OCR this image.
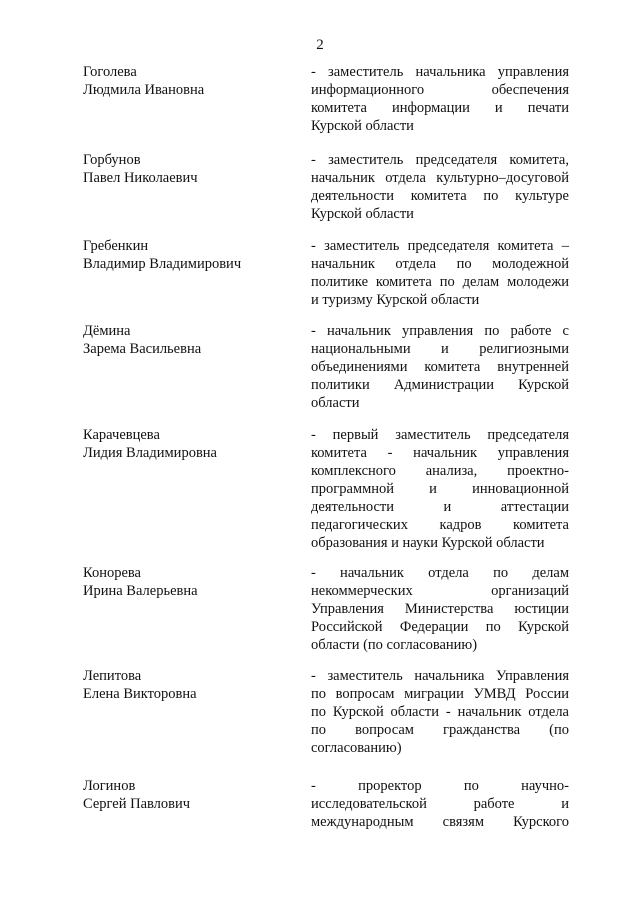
2
Гоголева
Людмила Ивановна
- заместитель начальника управления
информационного обеспечения
комитета информации и печати
Курской области
Горбунов
Павел Николаевич
- заместитель председателя комитета,
начальник отдела культурно–досуговой
деятельности комитета по культуре
Курской области
Гребенкин
Владимир Владимирович
- заместитель председателя комитета –
начальник отдела по молодежной
политике комитета по делам молодежи
и туризму Курской области
Дёмина
Зарема Васильевна
- начальник управления по работе с
национальными и религиозными
объединениями комитета внутренней
политики Администрации Курской
области
Карачевцева
Лидия Владимировна
- первый заместитель председателя
комитета - начальник управления
комплексного анализа, проектно-
программной и инновационной
деятельности и аттестации
педагогических кадров комитета
образования и науки Курской области
Конорева
Ирина Валерьевна
- начальник отдела по делам
некоммерческих организаций
Управления Министерства юстиции
Российской Федерации по Курской
области (по согласованию)
Лепитова
Елена Викторовна
- заместитель начальника Управления
по вопросам миграции УМВД России
по Курской области - начальник отдела
по вопросам гражданства (по
согласованию)
Логинов
Сергей Павлович
- проректор по научно-
исследовательской работе и
международным связям Курского
